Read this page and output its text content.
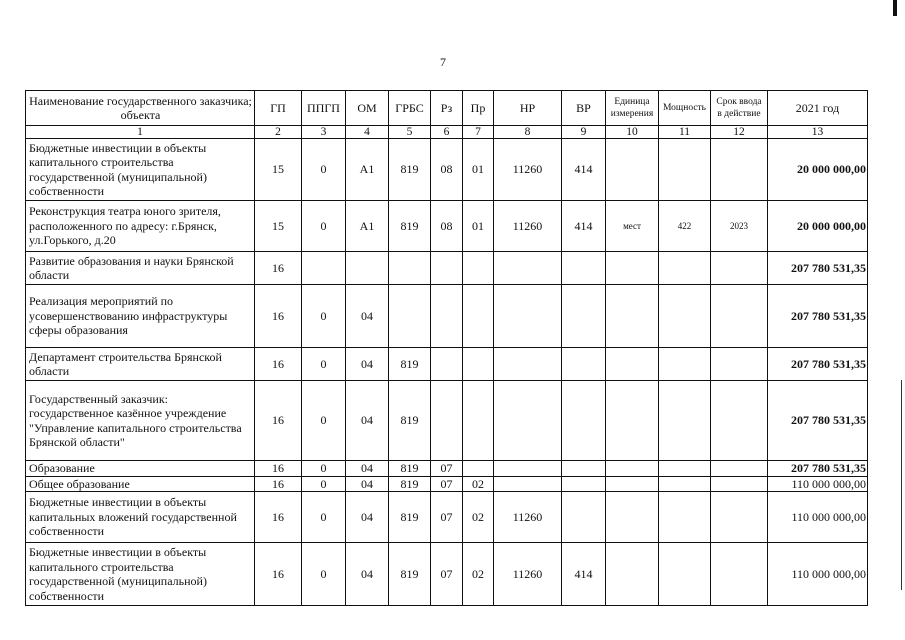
7
Наименование государственного заказчика; объекта	ГП	ППГП	ОМ	ГРБС	Рз	Пр	НР	ВР	Единица измерения	Мощность	Срок ввода в действие	2021 год
1	2	3	4	5	6	7	8	9	10	11	12	13
Бюджетные инвестиции в объекты капитального строительства государственной (муниципальной) собственности	15	0	А1	819	08	01	11260	414				20 000 000,00
Реконструкция театра юного зрителя, расположенного по адресу: г.Брянск, ул.Горького, д.20	15	0	А1	819	08	01	11260	414	мест	422	2023	20 000 000,00
Развитие образования и науки Брянской области	16											207 780 531,35
Реализация мероприятий по усовершенствованию инфраструктуры сферы образования	16	0	04									207 780 531,35
Департамент строительства Брянской области	16	0	04	819								207 780 531,35
Государственный заказчик: государственное казённое учреждение "Управление капитального строительства Брянской области"	16	0	04	819								207 780 531,35
Образование	16	0	04	819	07							207 780 531,35
Общее образование	16	0	04	819	07	02						110 000 000,00
Бюджетные инвестиции в объекты капитальных вложений государственной собственности	16	0	04	819	07	02	11260					110 000 000,00
Бюджетные инвестиции в объекты капитального строительства государственной (муниципальной) собственности	16	0	04	819	07	02	11260	414				110 000 000,00
